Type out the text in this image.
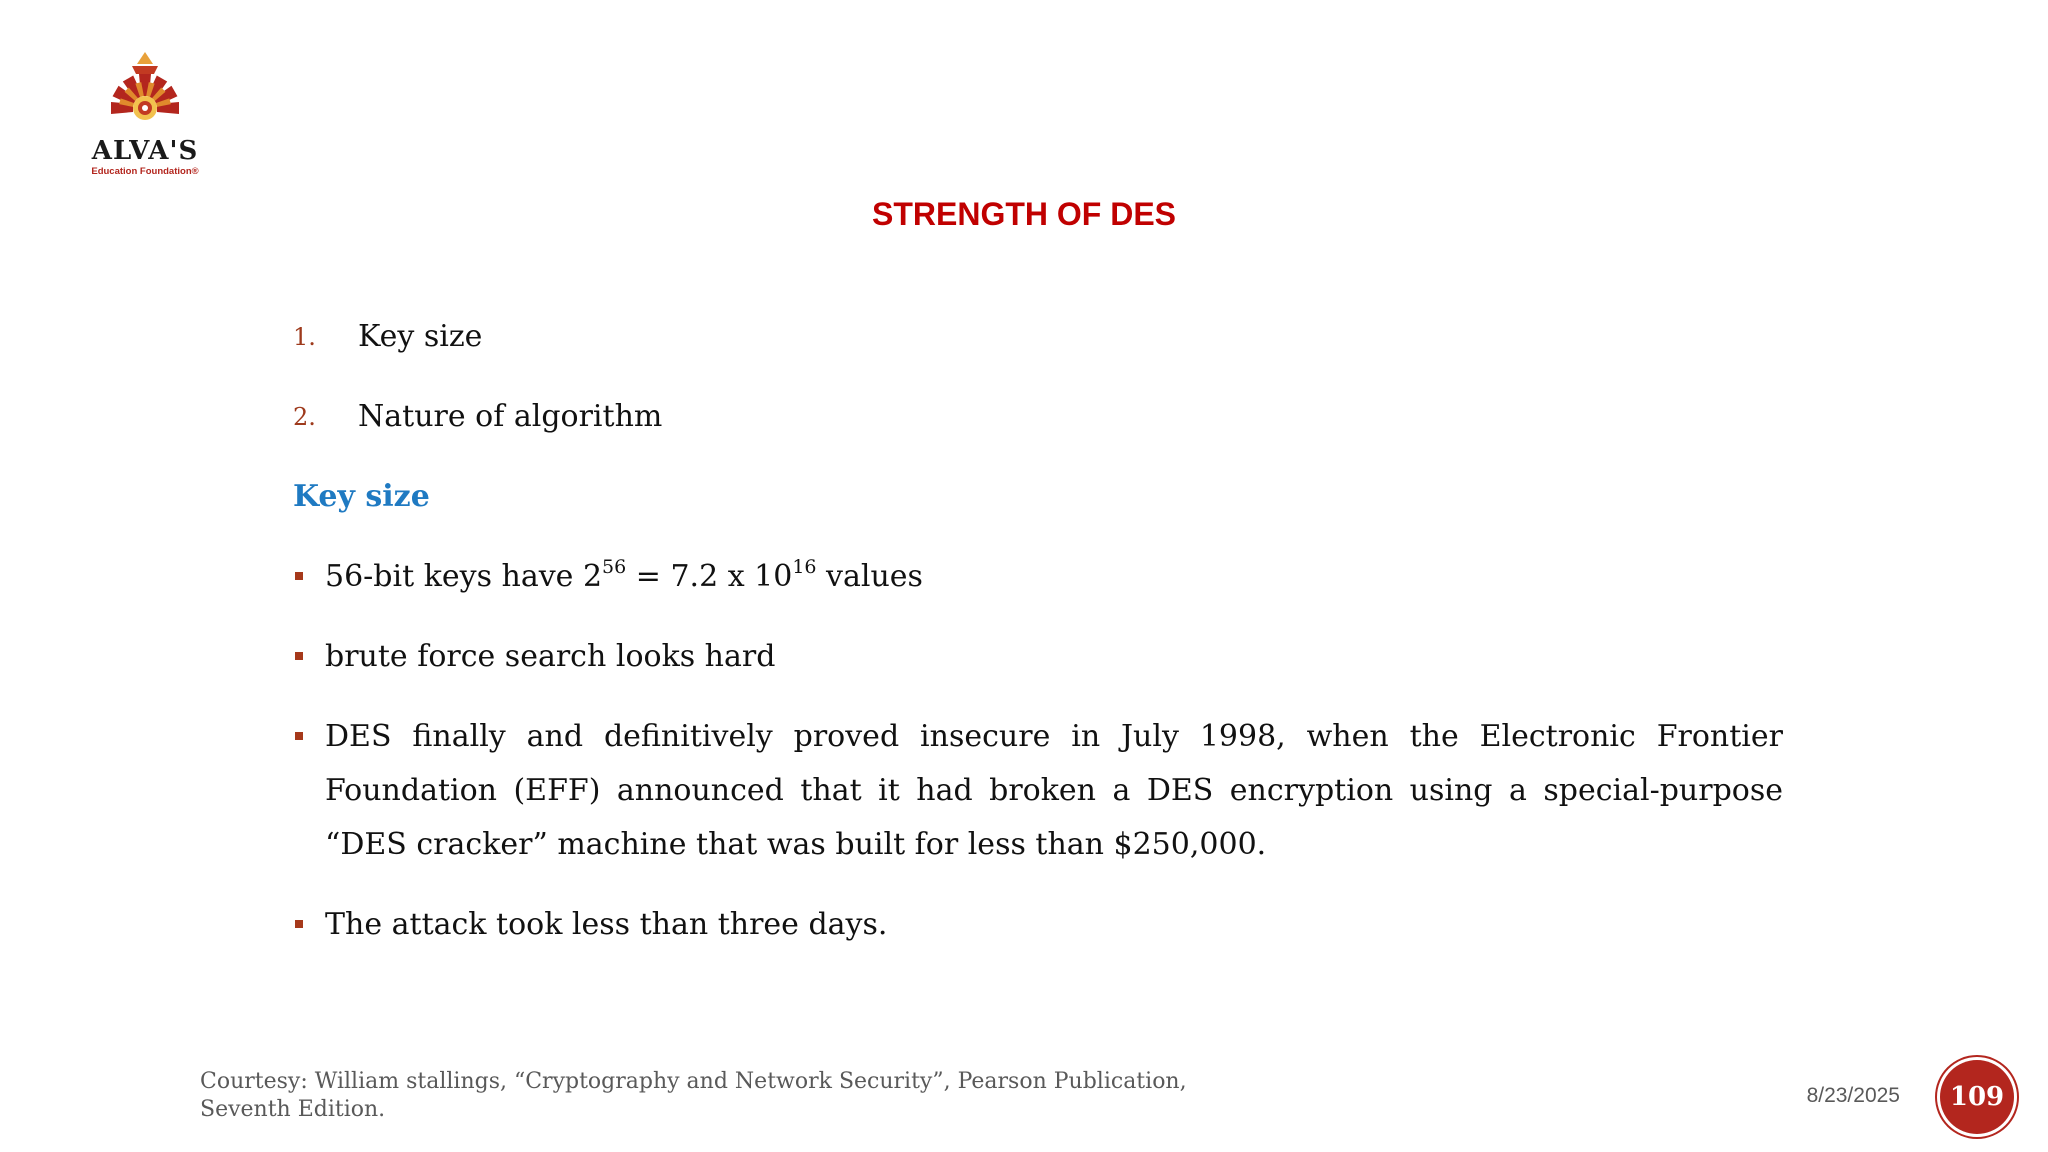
ALVA'S
Education Foundation®
STRENGTH OF DES
1. Key size
2. Nature of algorithm
Key size
56-bit keys have $2^{56} = 7.2$ x $10^{16}$ values
brute force search looks hard
DES finally and definitively proved insecure in July 1998, when the Electronic Frontier Foundation (EFF) announced that it had broken a DES encryption using a special-purpose “DES cracker” machine that was built for less than $250,000.
The attack took less than three days.
Courtesy: William stallings, “Cryptography and Network Security”, Pearson Publication,
Seventh Edition.
8/23/2025	109
